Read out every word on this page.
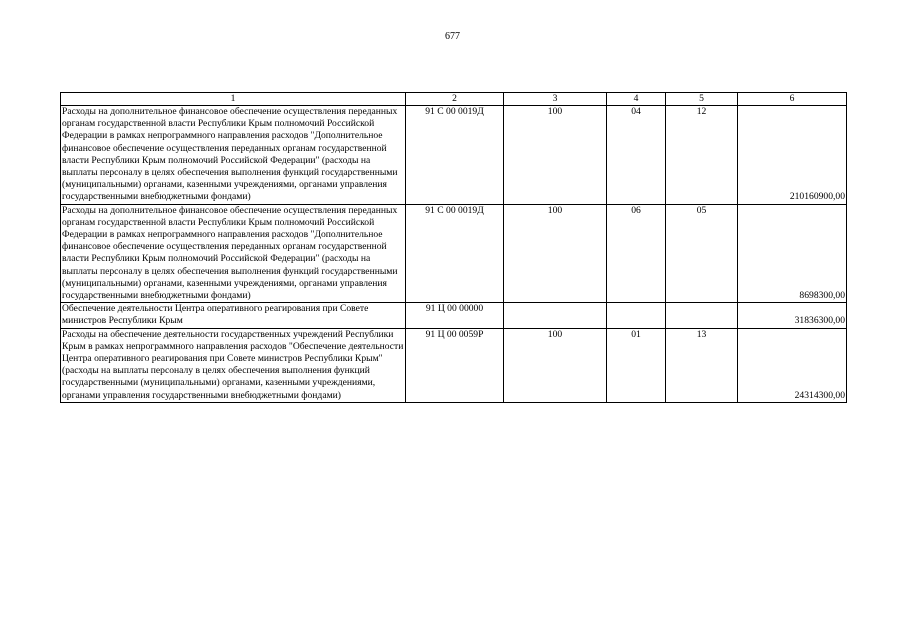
677
1	2	3	4	5	6
Расходы на дополнительное финансовое обеспечение осуществления переданных органам государственной власти Республики Крым полномочий Российской Федерации в рамках непрограммного направления расходов "Дополнительное финансовое обеспечение осуществления переданных органам государственной власти Республики Крым полномочий Российской Федерации" (расходы на выплаты персоналу в целях обеспечения выполнения функций государственными (муниципальными) органами, казенными учреждениями, органами управления государственными внебюджетными фондами)	91 С 00 0019Д	100	04	12	210160900,00
Расходы на дополнительное финансовое обеспечение осуществления переданных органам государственной власти Республики Крым полномочий Российской Федерации в рамках непрограммного направления расходов "Дополнительное финансовое обеспечение осуществления переданных органам государственной власти Республики Крым полномочий Российской Федерации" (расходы на выплаты персоналу в целях обеспечения выполнения функций государственными (муниципальными) органами, казенными учреждениями, органами управления государственными внебюджетными фондами)	91 С 00 0019Д	100	06	05	8698300,00
Обеспечение деятельности Центра оперативного реагирования при Совете министров Республики Крым	91 Ц 00 00000				31836300,00
Расходы на обеспечение деятельности государственных учреждений Республики Крым в рамках непрограммного направления расходов "Обеспечение деятельности Центра оперативного реагирования при Совете министров Республики Крым" (расходы на выплаты персоналу в целях обеспечения выполнения функций государственными (муниципальными) органами, казенными учреждениями, органами управления государственными внебюджетными фондами)	91 Ц 00 0059Р	100	01	13	24314300,00
